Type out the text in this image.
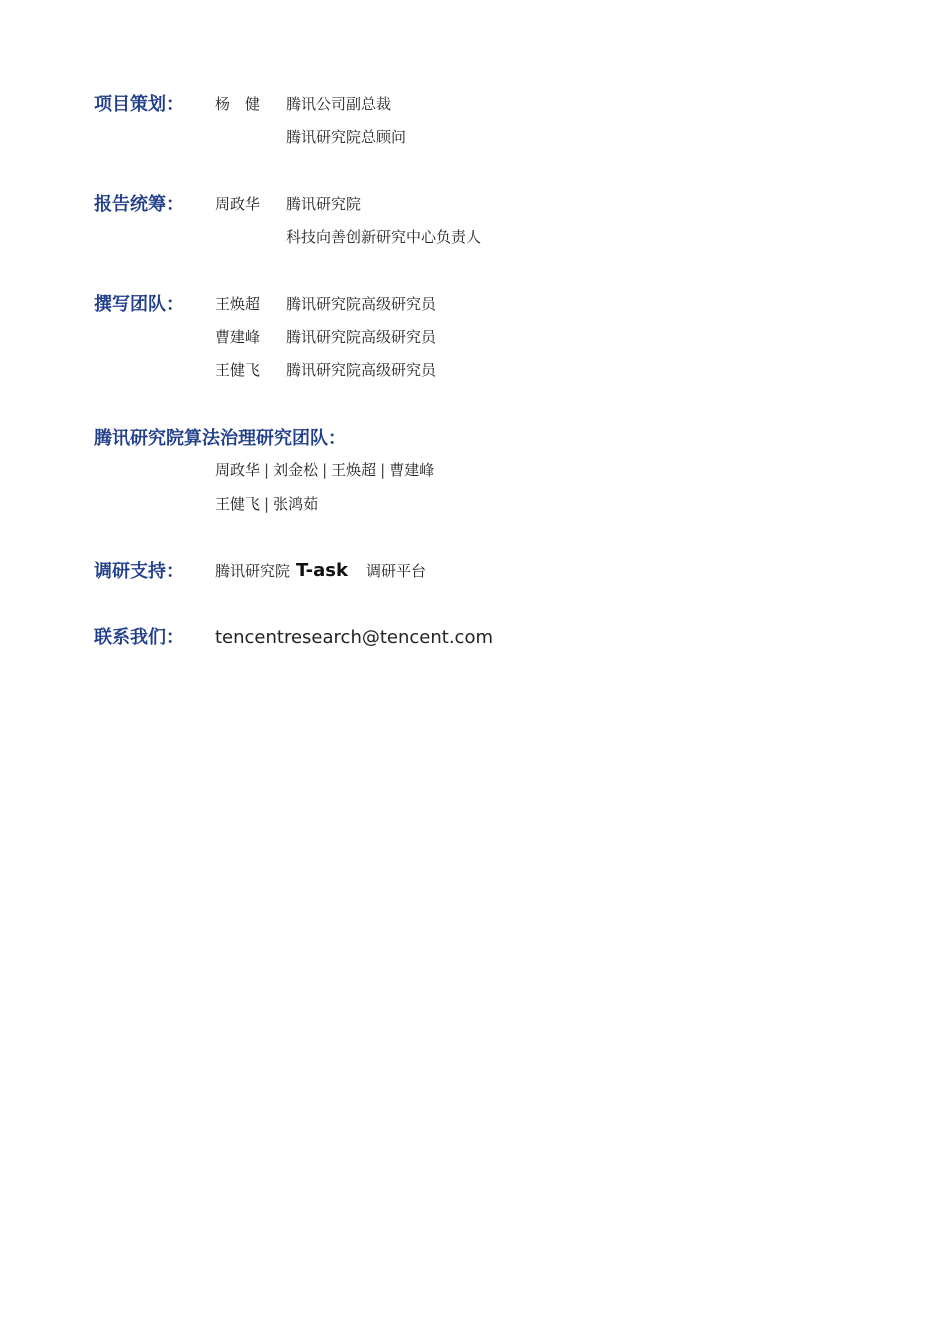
项目策划： 杨　健 腾讯公司副总裁
腾讯研究院总顾问
报告统筹： 周政华 腾讯研究院
科技向善创新研究中心负责人
撰写团队： 王焕超 腾讯研究院高级研究员
曹建峰 腾讯研究院高级研究员
王健飞 腾讯研究院高级研究员
腾讯研究院算法治理研究团队：
周政华 | 刘金松 | 王焕超 | 曹建峰
王健飞 | 张鸿茹
调研支持： 腾讯研究院 T-ask 调研平台
联系我们： tencentresearch@tencent.com
